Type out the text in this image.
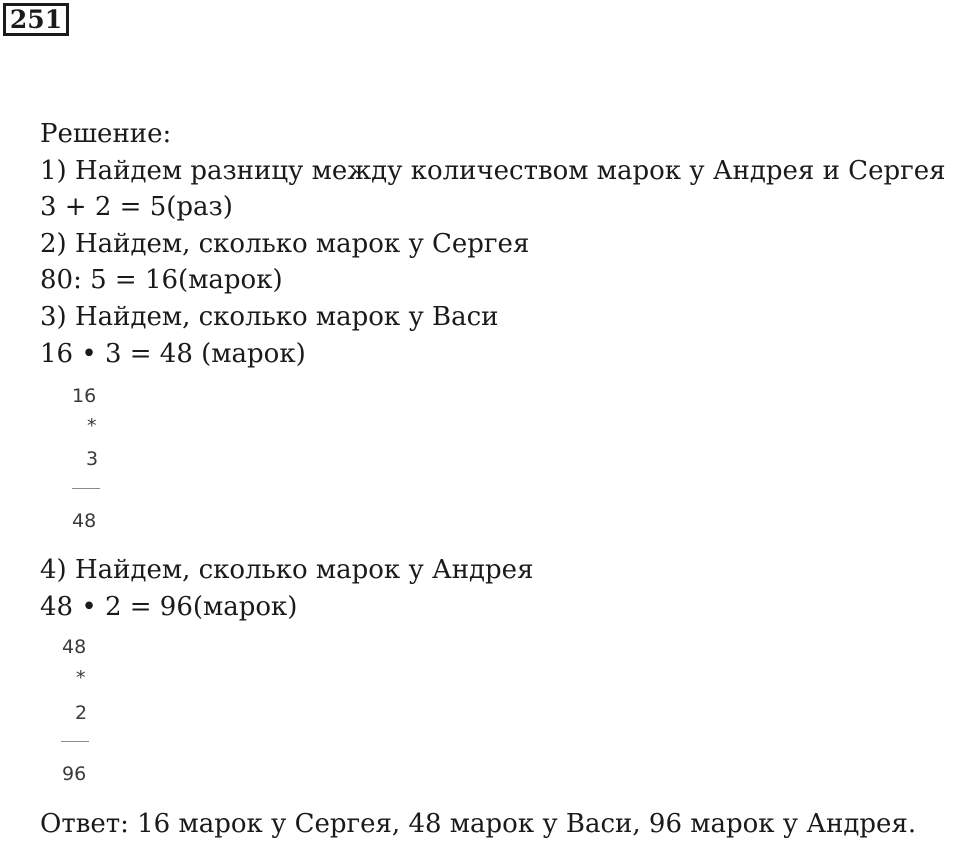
251
Решение:
1) Найдем разницу между количеством марок у Андрея и Сергея
3 + 2 = 5(раз)
2) Найдем, сколько марок у Сергея
80: 5 = 16(марок)
3) Найдем, сколько марок у Васи
16 • 3 = 48 (марок)
16
*
3
48
4) Найдем, сколько марок у Андрея
48 • 2 = 96(марок)
48
*
2
96
Ответ: 16 марок у Сергея, 48 марок у Васи, 96 марок у Андрея.
